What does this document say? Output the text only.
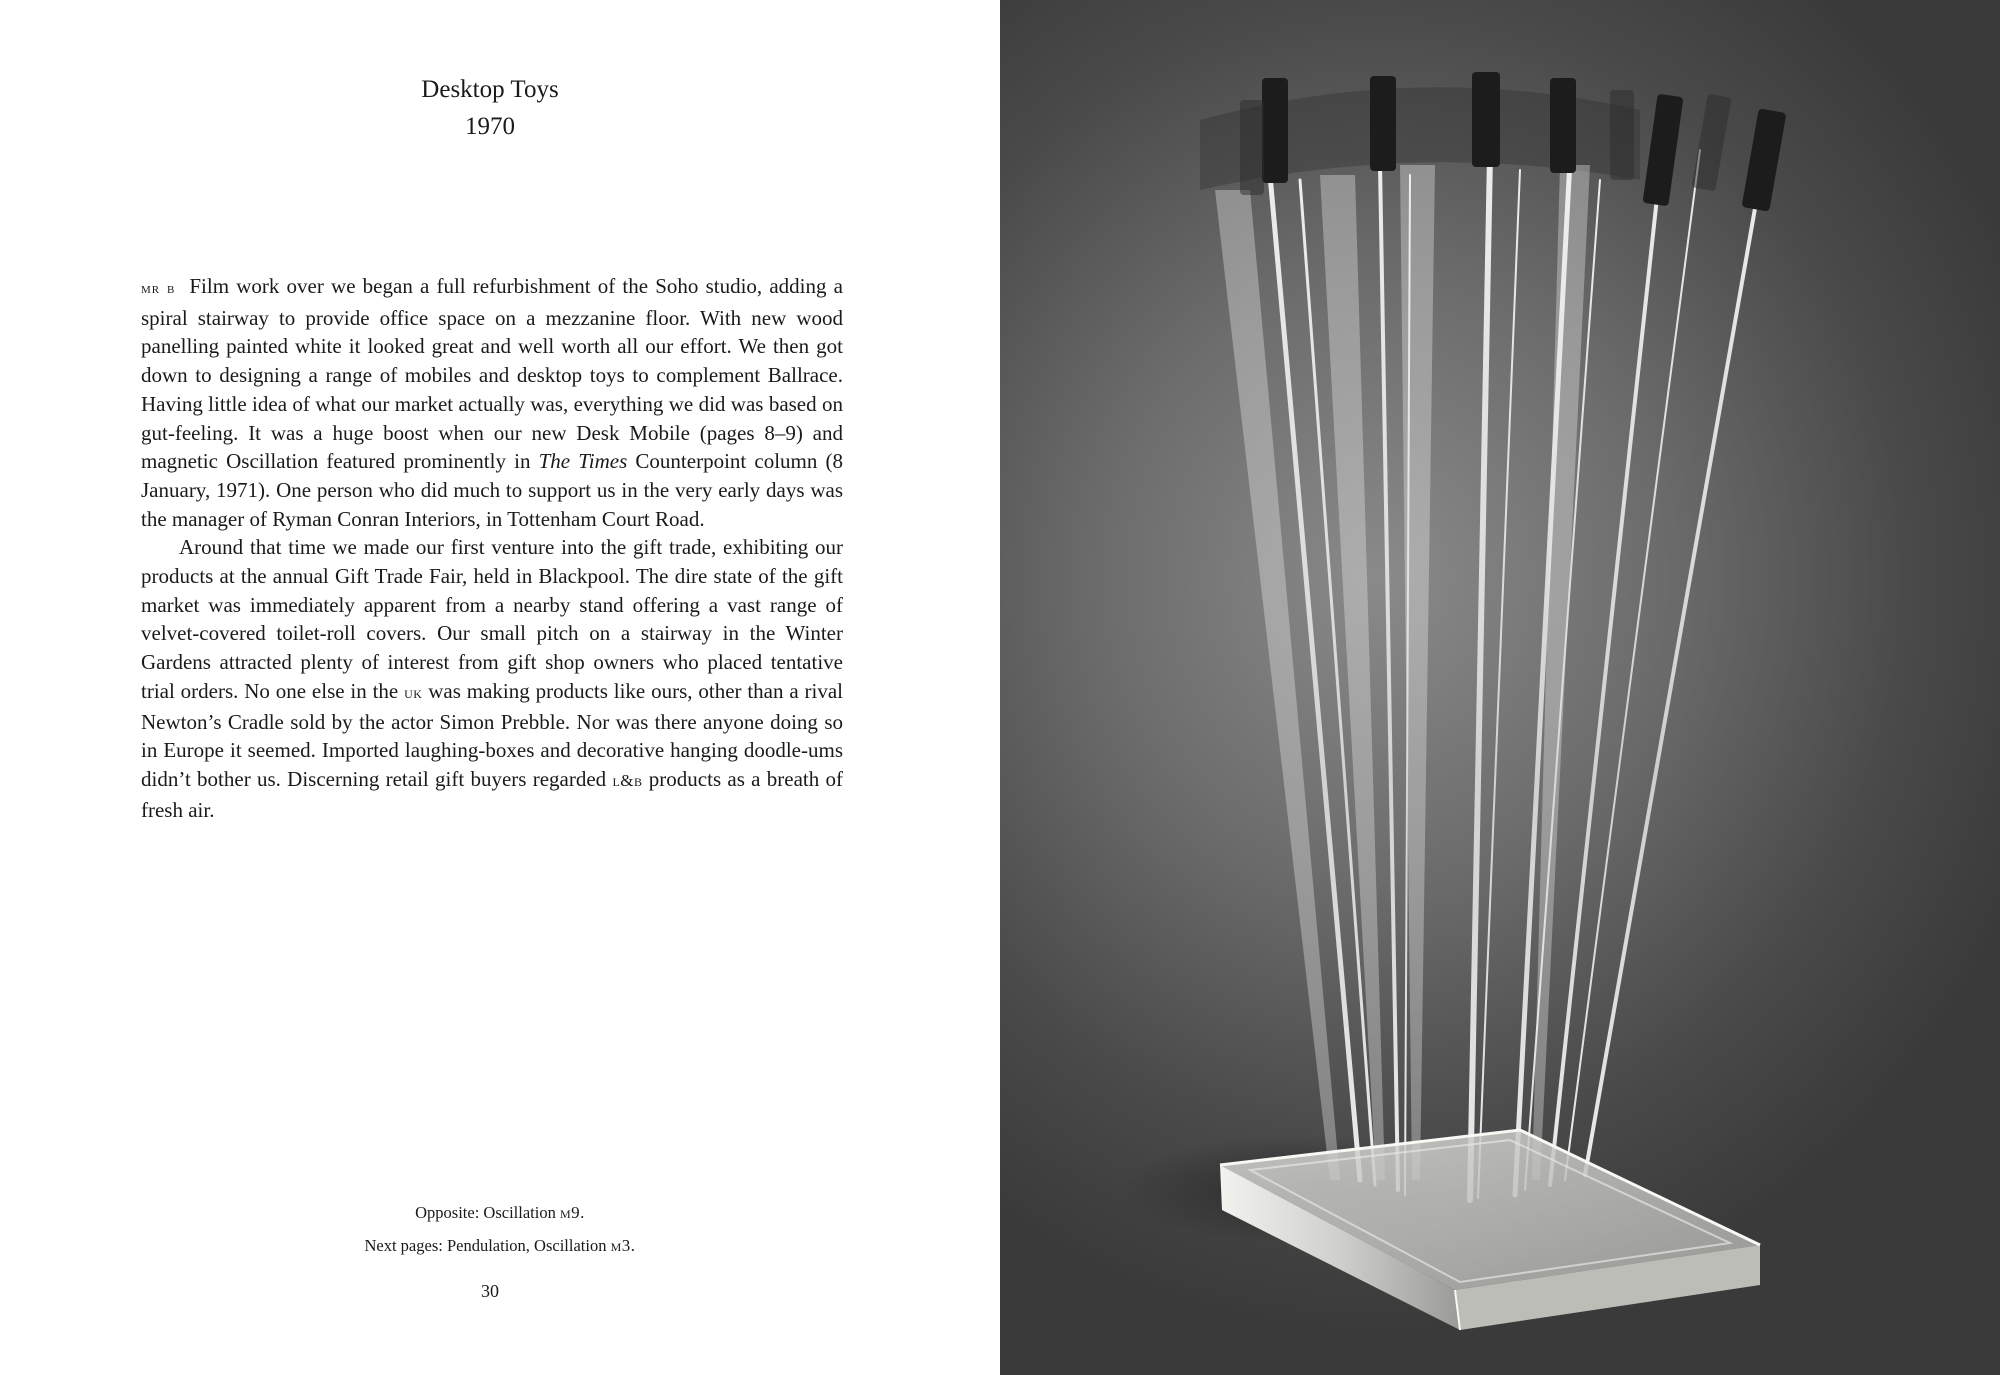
Desktop Toys
1970

mr b Film work over we began a full refurbishment of the Soho studio, adding a spiral stairway to provide office space on a mezzanine floor. With new wood panelling painted white it looked great and well worth all our effort. We then got down to designing a range of mobiles and desktop toys to complement Ballrace. Having little idea of what our market actually was, everything we did was based on gut-feeling. It was a huge boost when our new Desk Mobile (pages 8–9) and magnetic Oscillation featured prominently in The Times Counterpoint column (8 January, 1971). One person who did much to support us in the very early days was the manager of Ryman Conran Interiors, in Tottenham Court Road.

Around that time we made our first venture into the gift trade, exhibiting our products at the annual Gift Trade Fair, held in Blackpool. The dire state of the gift market was immediately apparent from a nearby stand offering a vast range of velvet-covered toilet-roll covers. Our small pitch on a stairway in the Winter Gardens attracted plenty of interest from gift shop owners who placed tentative trial orders. No one else in the uk was making products like ours, other than a rival Newton’s Cradle sold by the actor Simon Prebble. Nor was there anyone doing so in Europe it seemed. Imported laughing-boxes and decorative hanging doodle-ums didn’t bother us. Discerning retail gift buyers regarded l&b products as a breath of fresh air.

Opposite: Oscillation m9.
Next pages: Pendulation, Oscillation m3.
30
